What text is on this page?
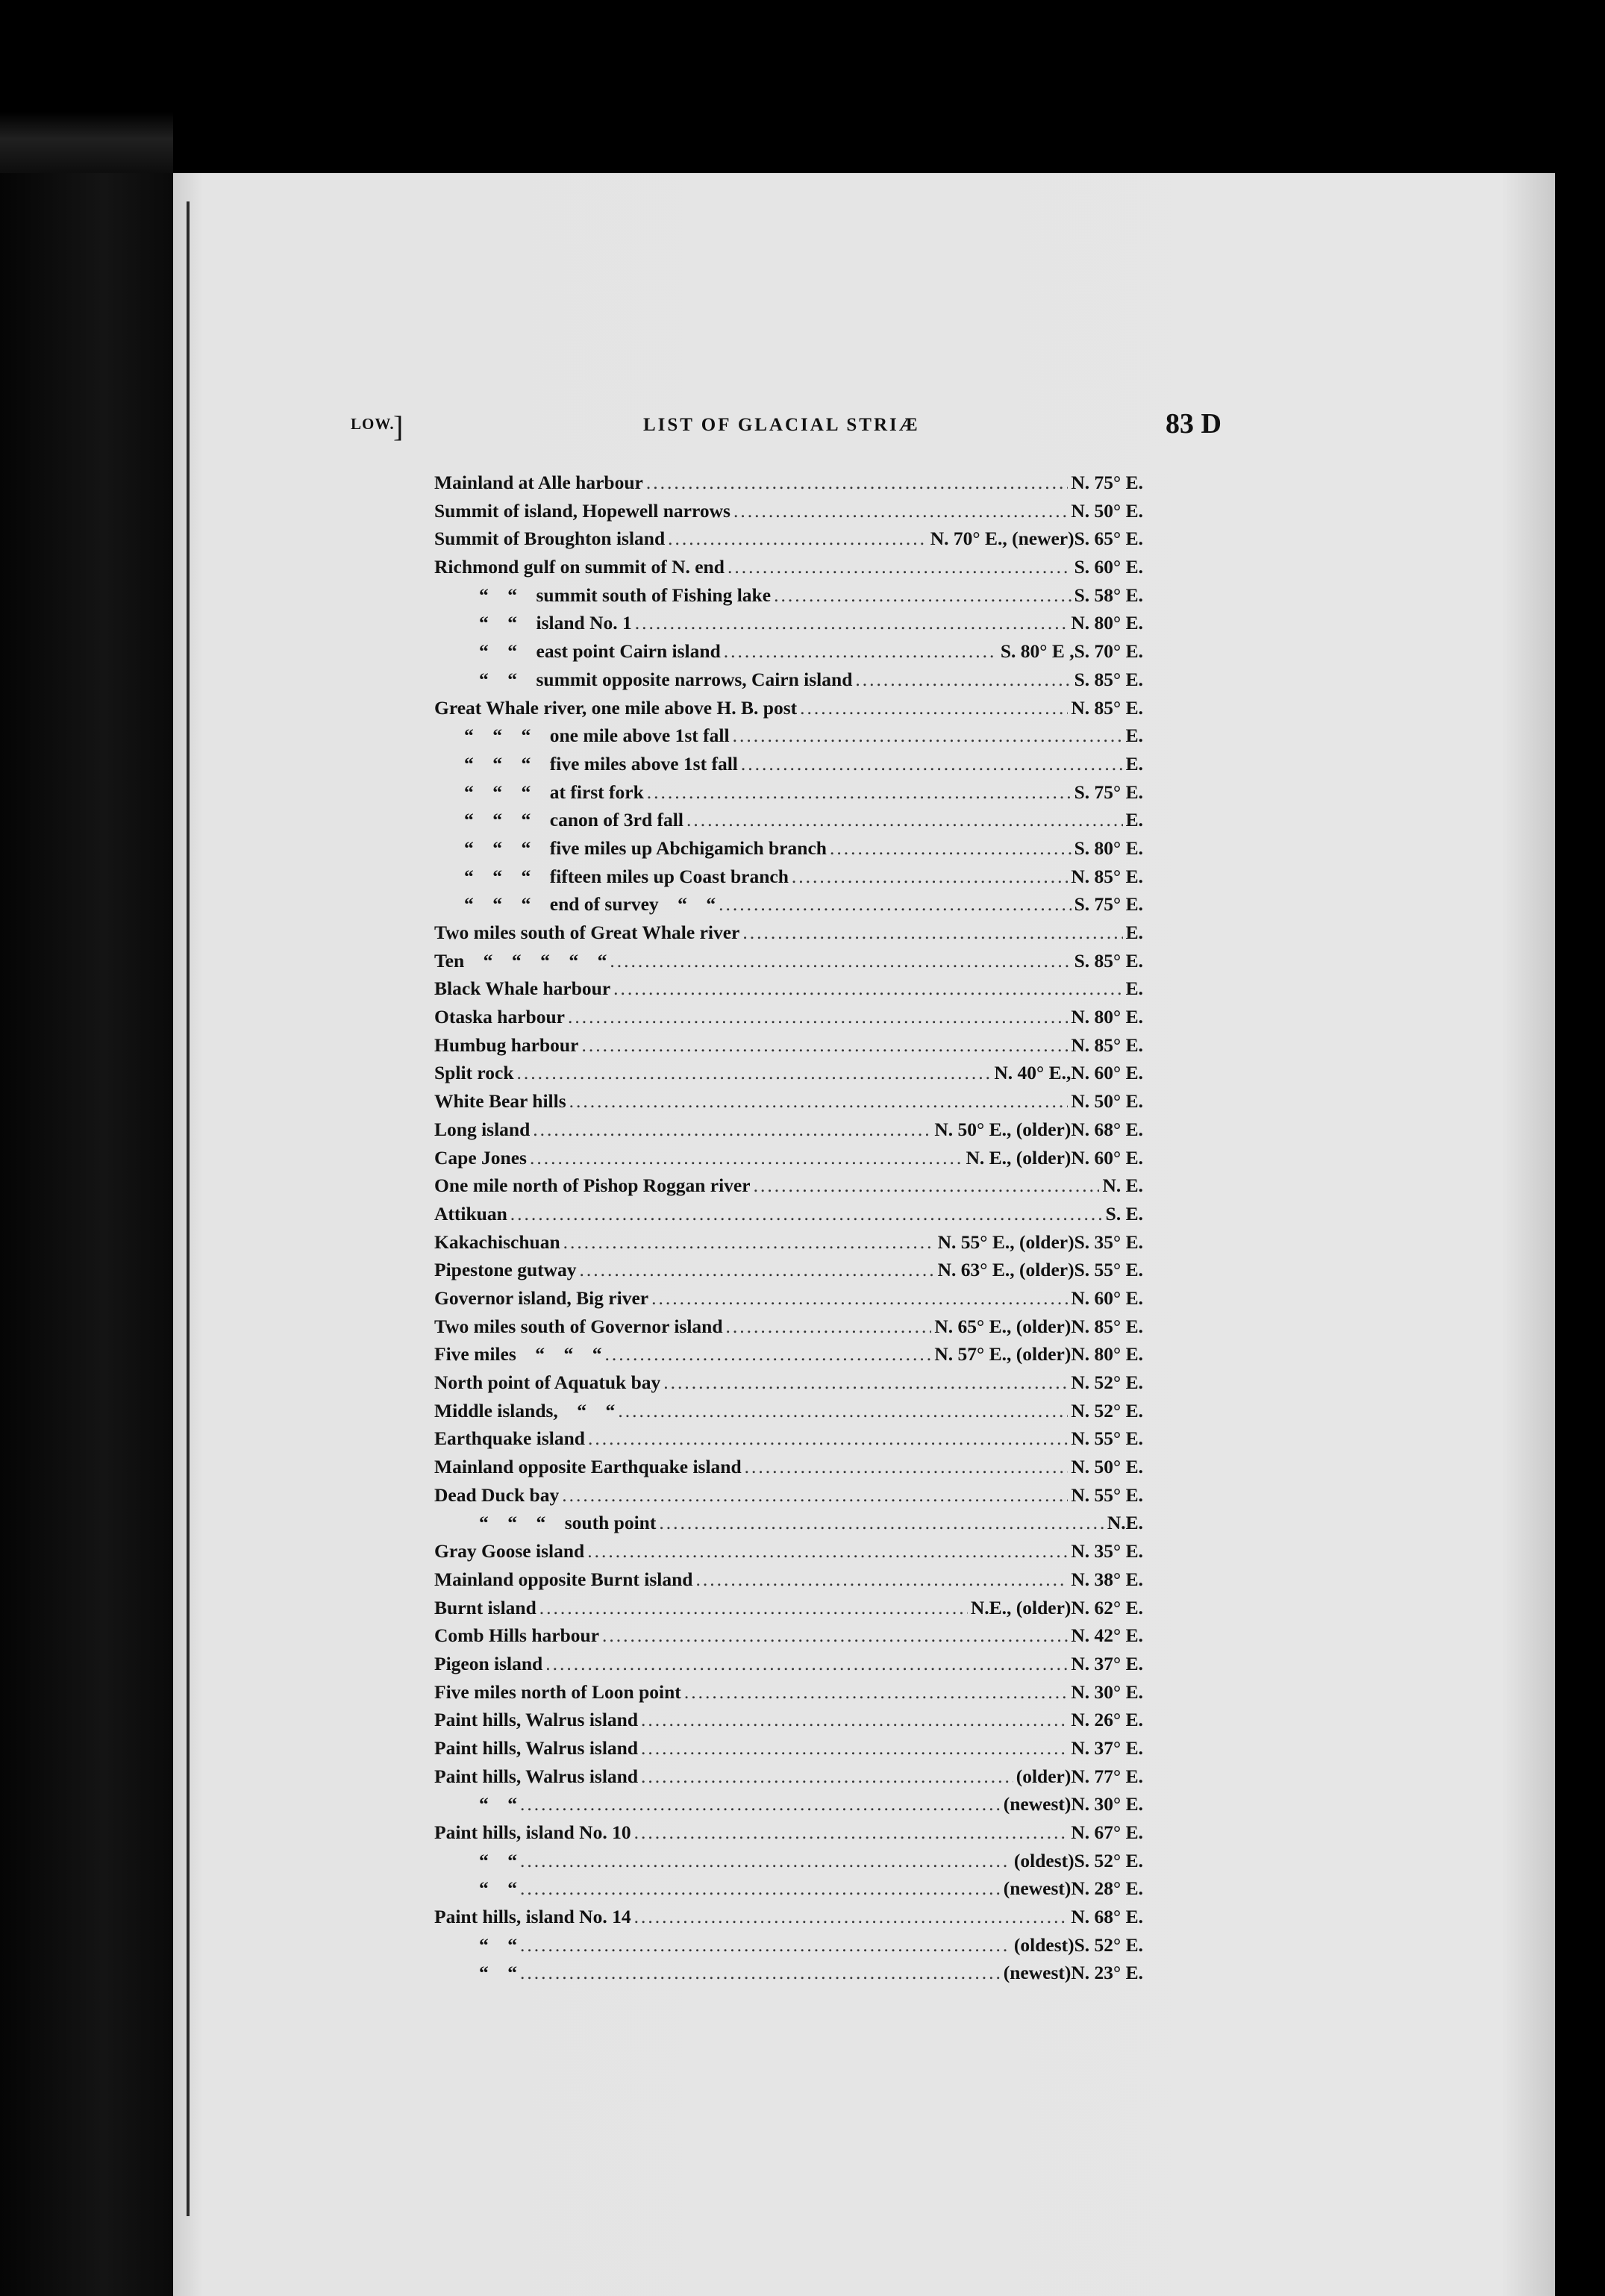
LOW.
]	LIST OF GLACIAL STRIÆ	83 D
Mainland at Alle harbour .....	N. 75° E.
Summit of island, Hopewell narrows .....	N. 50° E.
Summit of Broughton island .....	N. 70° E., (newer) S. 65° E.
Richmond gulf on summit of N. end .....	S. 60° E.
“    “    summit south of Fishing lake .....	S. 58° E.
“    “    island No. 1 .....	N. 80° E.
“    “    east point Cairn island .....	S. 80° E , S. 70° E.
“    “    summit opposite narrows, Cairn island .....	S. 85° E.
Great Whale river, one mile above H. B. post .....	N. 85° E.
“    “    “    one mile above 1st fall .....	E.
“    “    “    five miles above 1st fall .....	E.
“    “    “    at first fork .....	S. 75° E.
“    “    “    canon of 3rd fall .....	E.
“    “    “    five miles up Abchigamich branch .....	S. 80° E.
“    “    “    fifteen miles up Coast branch .....	N. 85° E.
“    “    “    end of survey    “    “ .....	S. 75° E.
Two miles south of Great Whale river .....	E.
Ten    “    “    “    “    “ .....	S. 85° E.
Black Whale harbour .....	E.
Otaska harbour .....	N. 80° E.
Humbug harbour .....	N. 85° E.
Split rock .....	N. 40° E., N. 60° E.
White Bear hills .....	N. 50° E.
Long island .....	N. 50° E., (older) N. 68° E.
Cape Jones .....	N. E., (older) N. 60° E.
One mile north of Pishop Roggan river .....	N. E.
Attikuan .....	S. E.
Kakachischuan .....	N. 55° E., (older) S. 35° E.
Pipestone gutway .....	N. 63° E., (older) S. 55° E.
Governor island, Big river .....	N. 60° E.
Two miles south of Governor island .....	N. 65° E., (older) N. 85° E.
Five miles    “    “    “ .....	N. 57° E., (older) N. 80° E.
North point of Aquatuk bay .....	N. 52° E.
Middle islands,    “    “ .....	N. 52° E.
Earthquake island .....	N. 55° E.
Mainland opposite Earthquake island .....	N. 50° E.
Dead Duck bay .....	N. 55° E.
“    “    “    south point .....	N.E.
Gray Goose island .....	N. 35° E.
Mainland opposite Burnt island .....	N. 38° E.
Burnt island .....	N.E., (older) N. 62° E.
Comb Hills harbour .....	N. 42° E.
Pigeon island .....	N. 37° E.
Five miles north of Loon point .....	N. 30° E.
Paint hills, Walrus island .....	N. 26° E.
Paint hills, Walrus island .....	N. 37° E.
Paint hills, Walrus island .....	(older) N. 77° E.
“    “ .....	(newest) N. 30° E.
Paint hills, island No. 10 .....	N. 67° E.
“    “ .....	(oldest) S. 52° E.
“    “ .....	(newest) N. 28° E.
Paint hills, island No. 14 .....	N. 68° E.
“    “ .....	(oldest) S. 52° E.
“    “ .....	(newest) N. 23° E.
